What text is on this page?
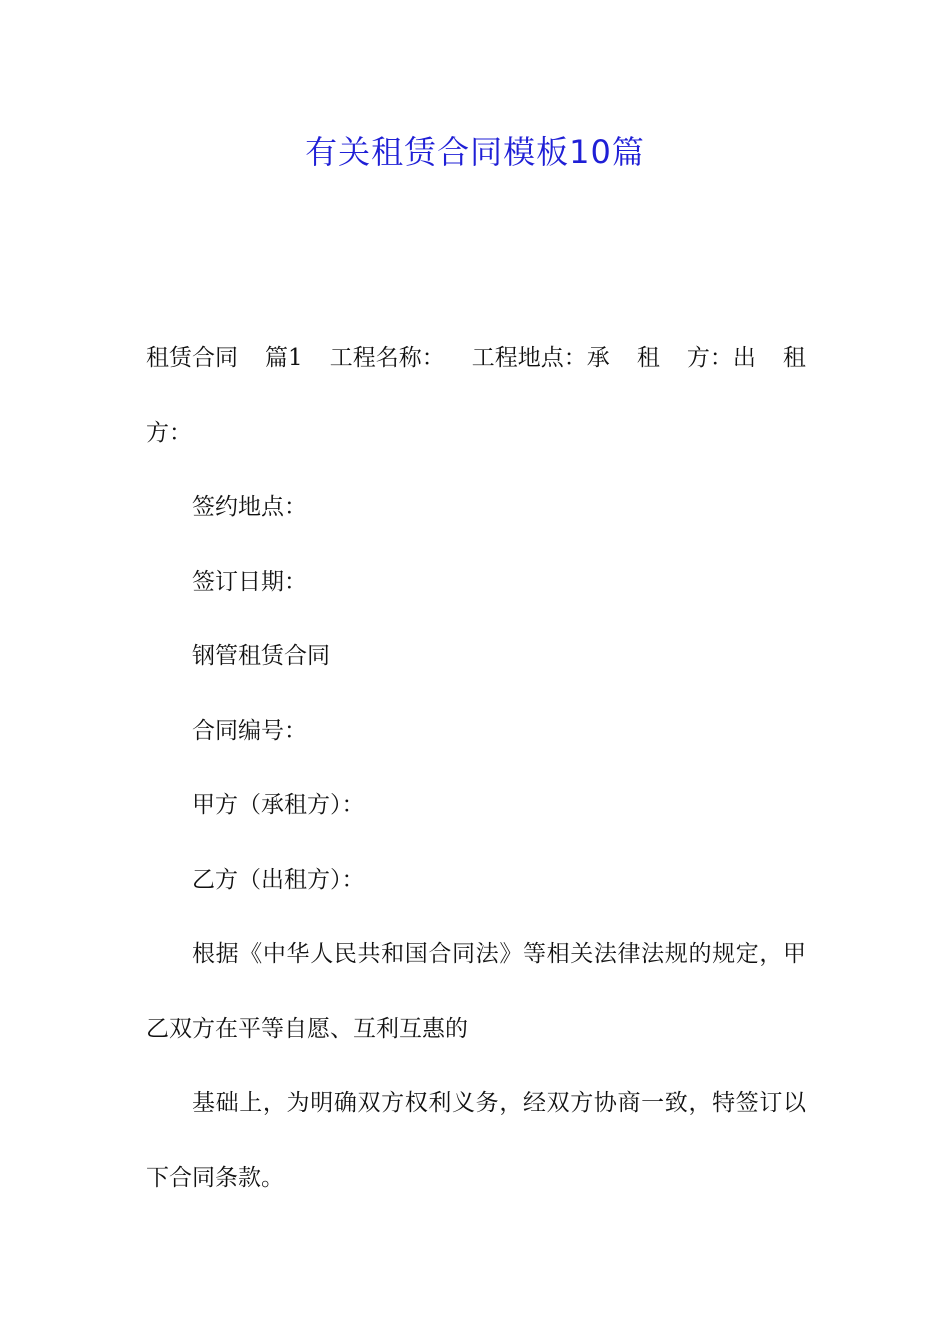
有关租赁合同模板10篇
租赁合同 篇1 工程名称： 工程地点：承 租 方：出 租

方：

签约地点：

签订日期：

钢管租赁合同

合同编号：

甲方（承租方）：

乙方（出租方）：

根据《中华人民共和国合同法》等相关法律法规的规定，甲乙双方在平等自愿、互利互惠的

基础上，为明确双方权利义务，经双方协商一致，特签订以下合同条款。
